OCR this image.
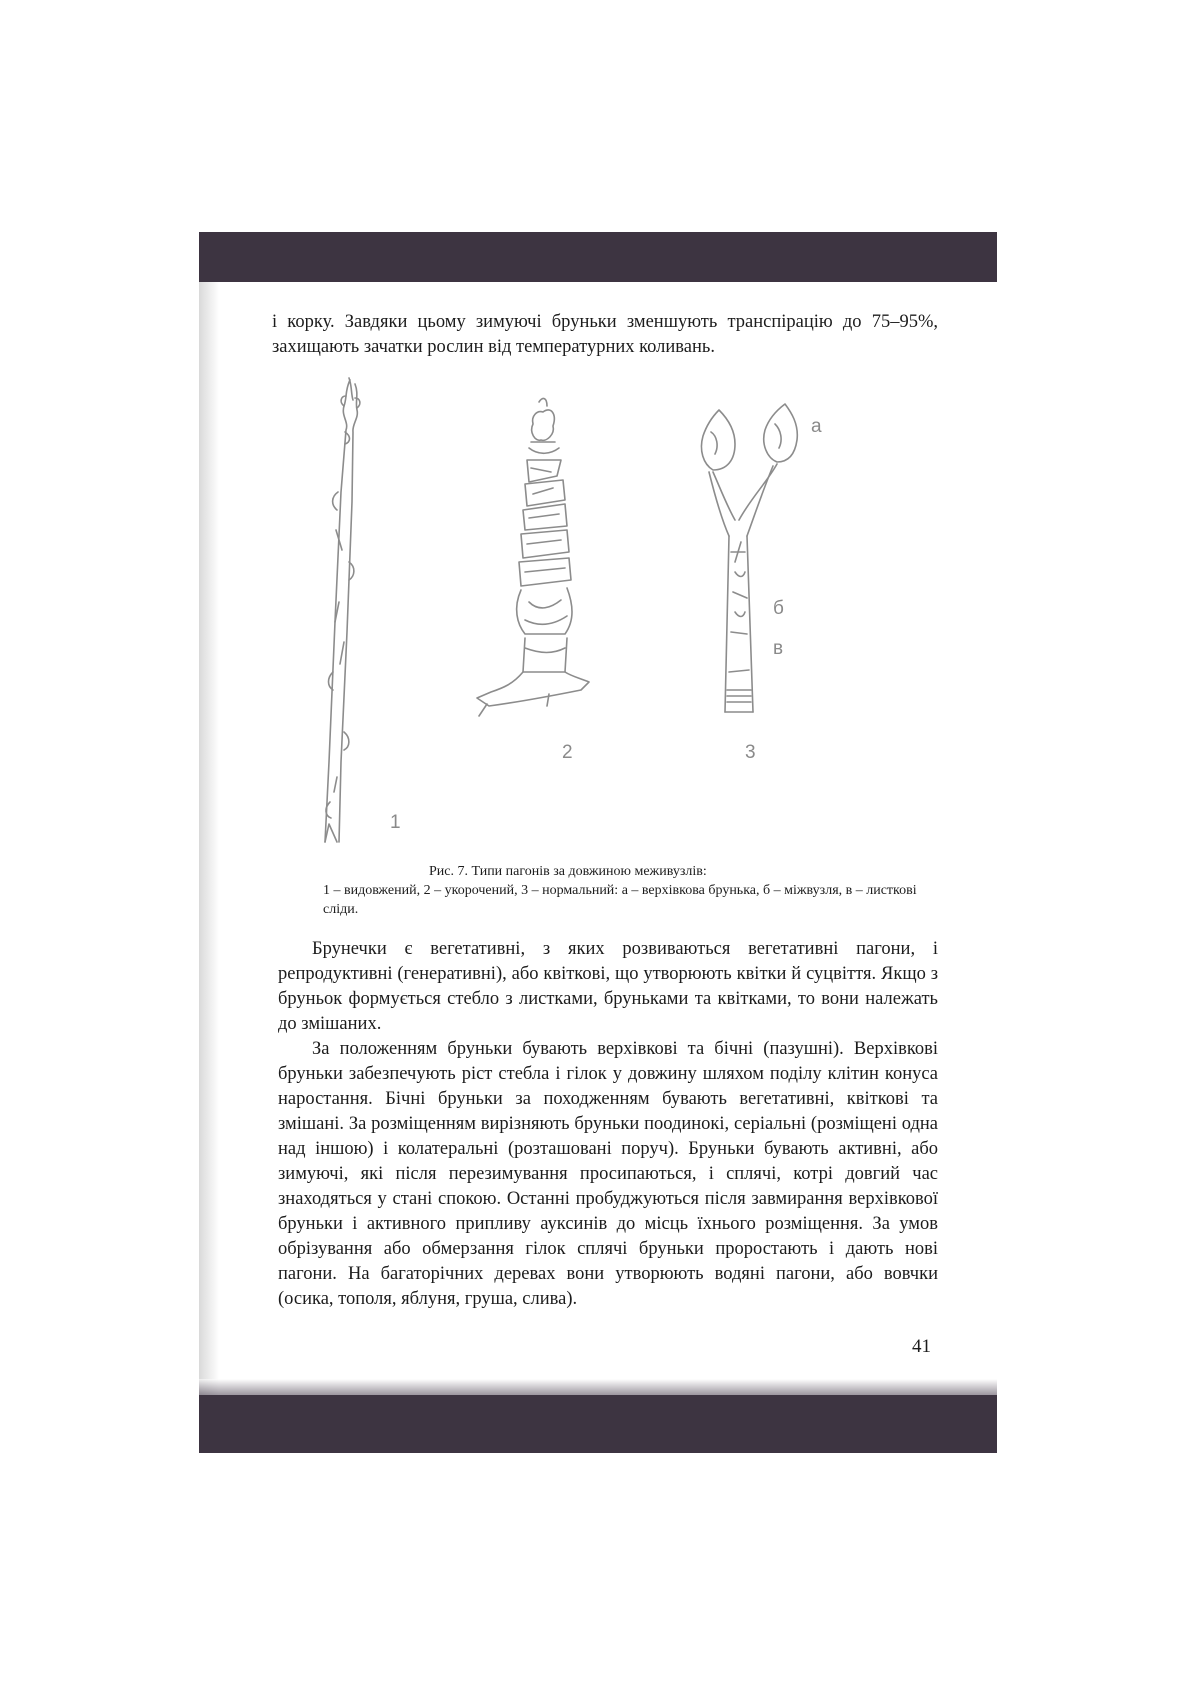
і корку. Завдяки цьому зимуючі бруньки зменшують транспірацію до 75–95%, захищають зачатки рослин від температурних коливань.

1
2	3
а
б
в
Рис. 7. Типи пагонів за довжиною меживузлів:
1 – видовжений, 2 – укорочений, 3 – нормальний: а – верхівкова брунька, б – міжвузля, в – листкові сліди.

Брунечки є вегетативні, з яких розвиваються вегетативні пагони, і репродуктивні (генеративні), або квіткові, що утворюють квітки й суцвіття. Якщо з бруньок формується стебло з листками, бруньками та квітками, то вони належать до змішаних.

За положенням бруньки бувають верхівкові та бічні (пазушні). Верхівкові бруньки забезпечують ріст стебла і гілок у довжину шляхом поділу клітин конуса наростання. Бічні бруньки за походженням бувають вегетативні, квіткові та змішані. За розміщенням вирізняють бруньки поодинокі, серіальні (розміщені одна над іншою) і колатеральні (розташовані поруч). Бруньки бувають активні, або зимуючі, які після перезимування просипаються, і сплячі, котрі довгий час знаходяться у стані спокою. Останні пробуджуються після завмирання верхівкової бруньки і активного припливу ауксинів до місць їхнього розміщення. За умов обрізування або обмерзання гілок сплячі бруньки проростають і дають нові пагони. На багаторічних деревах вони утворюють водяні пагони, або вовчки (осика, тополя, яблуня, груша, слива).

41
